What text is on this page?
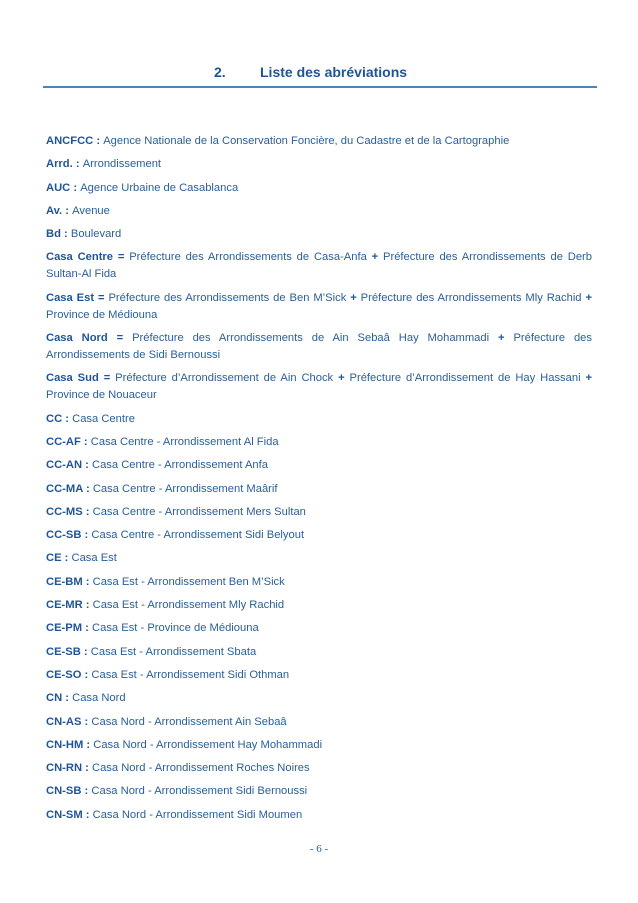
2. Liste des abréviations
ANCFCC : Agence Nationale de la Conservation Foncière, du Cadastre et de la Cartographie
Arrd. : Arrondissement
AUC : Agence Urbaine de Casablanca
Av. : Avenue
Bd : Boulevard
Casa Centre = Préfecture des Arrondissements de Casa-Anfa + Préfecture des Arrondissements de Derb Sultan-Al Fida
Casa Est = Préfecture des Arrondissements de Ben M’Sick + Préfecture des Arrondissements Mly Rachid + Province de Médiouna
Casa Nord = Préfecture des Arrondissements de Ain Sebaâ Hay Mohammadi + Préfecture des Arrondissements de Sidi Bernoussi
Casa Sud = Préfecture d’Arrondissement de Ain Chock + Préfecture d’Arrondissement de Hay Hassani + Province de Nouaceur
CC : Casa Centre
CC-AF : Casa Centre - Arrondissement Al Fida
CC-AN : Casa Centre - Arrondissement Anfa
CC-MA : Casa Centre - Arrondissement Maârif
CC-MS : Casa Centre - Arrondissement Mers Sultan
CC-SB : Casa Centre - Arrondissement Sidi Belyout
CE : Casa Est
CE-BM : Casa Est - Arrondissement Ben M’Sick
CE-MR : Casa Est - Arrondissement Mly Rachid
CE-PM : Casa Est - Province de Médiouna
CE-SB : Casa Est - Arrondissement Sbata
CE-SO : Casa Est - Arrondissement Sidi Othman
CN : Casa Nord
CN-AS : Casa Nord - Arrondissement Ain Sebaâ
CN-HM : Casa Nord - Arrondissement Hay Mohammadi
CN-RN : Casa Nord - Arrondissement Roches Noires
CN-SB : Casa Nord - Arrondissement Sidi Bernoussi
CN-SM : Casa Nord - Arrondissement Sidi Moumen
- 6 -
